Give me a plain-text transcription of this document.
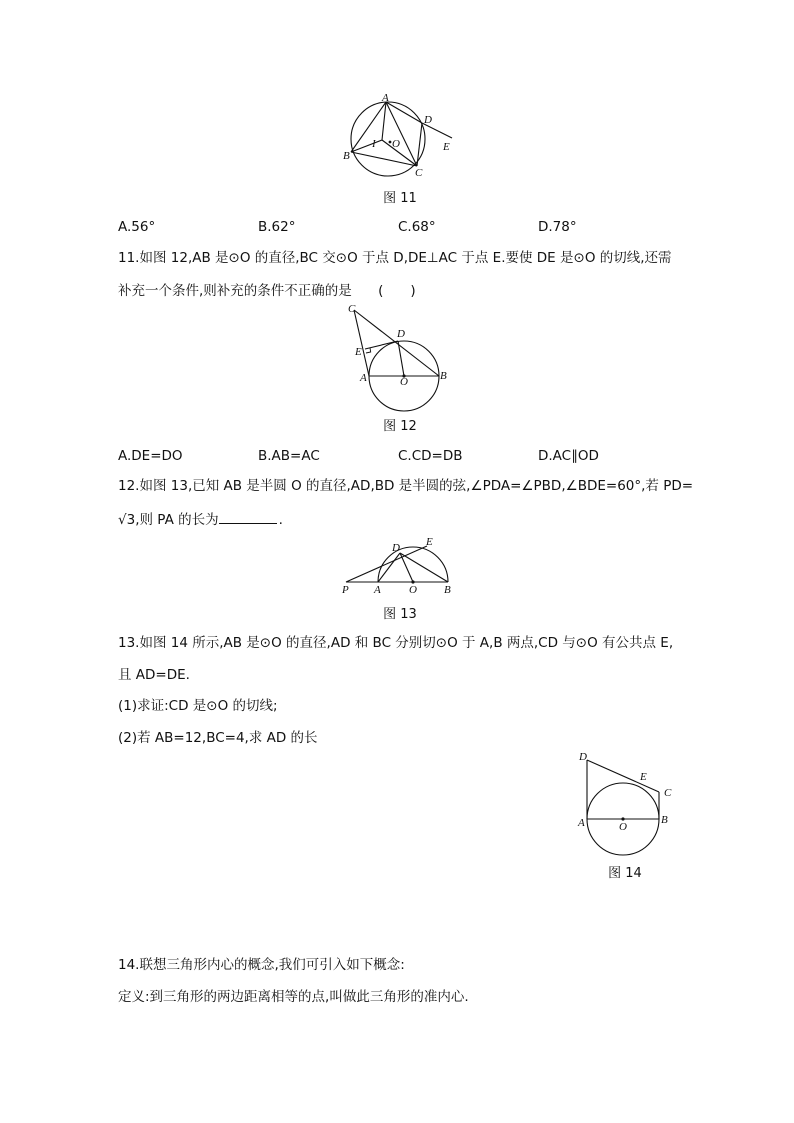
A
D
E
B
C
I O
图 11
A.56°	B.62°	C.68°	D.78°
11.如图 12,AB 是⊙O 的直径,BC 交⊙O 于点 D,DE⊥AC 于点 E.要使 DE 是⊙O 的切线,还需
补充一个条件,则补充的条件不正确的是 (　　)
C
D
E
A	O	B
图 12
A.DE=DO	B.AB=AC	C.CD=DB	D.AC∥OD
12.如图 13,已知 AB 是半圆 O 的直径,AD,BD 是半圆的弦,∠PDA=∠PBD,∠BDE=60°,若 PD=
√3,则 PA 的长为	.
P A	O B
D E
图 13
13.如图 14 所示,AB 是⊙O 的直径,AD 和 BC 分别切⊙O 于 A,B 两点,CD 与⊙O 有公共点 E,
且 AD=DE.
(1)求证:CD 是⊙O 的切线;
(2)若 AB=12,BC=4,求 AD 的长
D
E
C
A	O
B
图 14
14.联想三角形内心的概念,我们可引入如下概念:
定义:到三角形的两边距离相等的点,叫做此三角形的准内心.
